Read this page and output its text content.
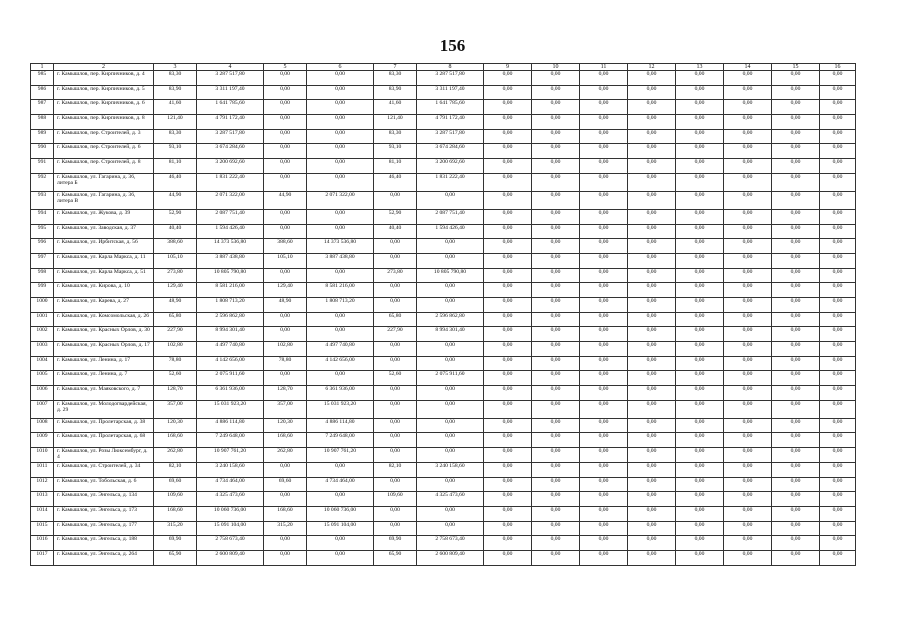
156
1	2	3	4	5	6	7	8	9	10	11	12	13	14	15	16
985	г. Камышлов, пер. Кирпичников, д. 4	83,30	3 287 517,80	0,00	0,00	83,30	3 287 517,80	0,00	0,00	0,00	0,00	0,00	0,00	0,00	0,00
986	г. Камышлов, пер. Кирпичников, д. 5	83,90	3 311 197,40	0,00	0,00	83,90	3 311 197,40	0,00	0,00	0,00	0,00	0,00	0,00	0,00	0,00
987	г. Камышлов, пер. Кирпичников, д. 6	41,60	1 641 785,60	0,00	0,00	41,60	1 641 785,60	0,00	0,00	0,00	0,00	0,00	0,00	0,00	0,00
988	г. Камышлов, пер. Кирпичников, д. 8	121,40	4 791 172,40	0,00	0,00	121,40	4 791 172,40	0,00	0,00	0,00	0,00	0,00	0,00	0,00	0,00
989	г. Камышлов, пер. Строителей, д. 3	83,30	3 287 517,80	0,00	0,00	83,30	3 287 517,80	0,00	0,00	0,00	0,00	0,00	0,00	0,00	0,00
990	г. Камышлов, пер. Строителей, д. 6	93,10	3 674 284,60	0,00	0,00	93,10	3 674 284,60	0,00	0,00	0,00	0,00	0,00	0,00	0,00	0,00
991	г. Камышлов, пер. Строителей, д. 8	81,10	3 200 692,60	0,00	0,00	81,10	3 200 692,60	0,00	0,00	0,00	0,00	0,00	0,00	0,00	0,00
992	г. Камышлов, ул. Гагарина, д. 36, литера Б	46,40	1 831 222,40	0,00	0,00	46,40	1 831 222,40	0,00	0,00	0,00	0,00	0,00	0,00	0,00	0,00
993	г. Камышлов, ул. Гагарина, д. 36, литера В	44,90	2 071 322,00	44,90	2 071 322,00	0,00	0,00	0,00	0,00	0,00	0,00	0,00	0,00	0,00	0,00
994	г. Камышлов, ул. Жукова, д. 39	52,90	2 087 751,40	0,00	0,00	52,90	2 087 751,40	0,00	0,00	0,00	0,00	0,00	0,00	0,00	0,00
995	г. Камышлов, ул. Заводская, д. 37	40,40	1 594 426,40	0,00	0,00	40,40	1 594 426,40	0,00	0,00	0,00	0,00	0,00	0,00	0,00	0,00
996	г. Камышлов, ул. Ирбитская, д. 56	388,60	14 373 536,80	388,60	14 373 536,80	0,00	0,00	0,00	0,00	0,00	0,00	0,00	0,00	0,00	0,00
997	г. Камышлов, ул. Карла Маркса, д. 11	105,10	3 887 438,80	105,10	3 887 438,80	0,00	0,00	0,00	0,00	0,00	0,00	0,00	0,00	0,00	0,00
998	г. Камышлов, ул. Карла Маркса, д. 51	273,80	10 805 790,80	0,00	0,00	273,80	10 805 790,80	0,00	0,00	0,00	0,00	0,00	0,00	0,00	0,00
999	г. Камышлов, ул. Кирова, д. 10	129,40	8 581 216,00	129,40	8 581 216,00	0,00	0,00	0,00	0,00	0,00	0,00	0,00	0,00	0,00	0,00
1000	г. Камышлов, ул. Карева, д. 27	48,90	1 808 713,20	48,90	1 808 713,20	0,00	0,00	0,00	0,00	0,00	0,00	0,00	0,00	0,00	0,00
1001	г. Камышлов, ул. Комсомольская, д. 26	65,80	2 596 862,80	0,00	0,00	65,80	2 596 862,80	0,00	0,00	0,00	0,00	0,00	0,00	0,00	0,00
1002	г. Камышлов, ул. Красных Орлов, д. 30	227,90	8 994 301,40	0,00	0,00	227,90	8 994 301,40	0,00	0,00	0,00	0,00	0,00	0,00	0,00	0,00
1003	г. Камышлов, ул. Красных Орлов, д. 17	102,80	4 497 740,80	102,80	4 497 740,80	0,00	0,00	0,00	0,00	0,00	0,00	0,00	0,00	0,00	0,00
1004	г. Камышлов, ул. Ленина, д. 17	78,80	4 142 656,00	78,80	4 142 656,00	0,00	0,00	0,00	0,00	0,00	0,00	0,00	0,00	0,00	0,00
1005	г. Камышлов, ул. Ленина, д. 7	52,60	2 075 911,60	0,00	0,00	52,60	2 075 911,60	0,00	0,00	0,00	0,00	0,00	0,00	0,00	0,00
1006	г. Камышлов, ул. Маяковского, д. 7	128,70	6 361 936,00	128,70	6 361 936,00	0,00	0,00	0,00	0,00	0,00	0,00	0,00	0,00	0,00	0,00
1007	г. Камышлов, ул. Молодогвардейская, д. 29	357,00	15 031 923,20	357,00	15 031 923,20	0,00	0,00	0,00	0,00	0,00	0,00	0,00	0,00	0,00	0,00
1008	г. Камышлов, ул. Пролетарская, д. 38	120,30	4 886 114,80	120,30	4 886 114,80	0,00	0,00	0,00	0,00	0,00	0,00	0,00	0,00	0,00	0,00
1009	г. Камышлов, ул. Пролетарская, д. 68	168,60	7 249 648,00	168,60	7 249 648,00	0,00	0,00	0,00	0,00	0,00	0,00	0,00	0,00	0,00	0,00
1010	г. Камышлов, ул. Розы Люксембург, д. 4	262,80	10 907 761,20	262,80	10 907 761,20	0,00	0,00	0,00	0,00	0,00	0,00	0,00	0,00	0,00	0,00
1011	г. Камышлов, ул. Строителей, д. 34	82,10	3 240 158,60	0,00	0,00	82,10	3 240 158,60	0,00	0,00	0,00	0,00	0,00	0,00	0,00	0,00
1012	г. Камышлов, ул. Тобольская, д. 6	69,60	4 734 464,00	69,60	4 734 464,00	0,00	0,00	0,00	0,00	0,00	0,00	0,00	0,00	0,00	0,00
1013	г. Камышлов, ул. Энгельса, д. 134	109,60	4 325 473,60	0,00	0,00	109,60	4 325 473,60	0,00	0,00	0,00	0,00	0,00	0,00	0,00	0,00
1014	г. Камышлов, ул. Энгельса, д. 173	168,60	10 060 736,00	168,60	10 060 736,00	0,00	0,00	0,00	0,00	0,00	0,00	0,00	0,00	0,00	0,00
1015	г. Камышлов, ул. Энгельса, д. 177	315,20	15 091 104,00	315,20	15 091 104,00	0,00	0,00	0,00	0,00	0,00	0,00	0,00	0,00	0,00	0,00
1016	г. Камышлов, ул. Энгельса, д. 188	69,90	2 758 673,40	0,00	0,00	69,90	2 758 673,40	0,00	0,00	0,00	0,00	0,00	0,00	0,00	0,00
1017	г. Камышлов, ул. Энгельса, д. 264	65,90	2 600 809,40	0,00	0,00	65,90	2 600 809,40	0,00	0,00	0,00	0,00	0,00	0,00	0,00	0,00
